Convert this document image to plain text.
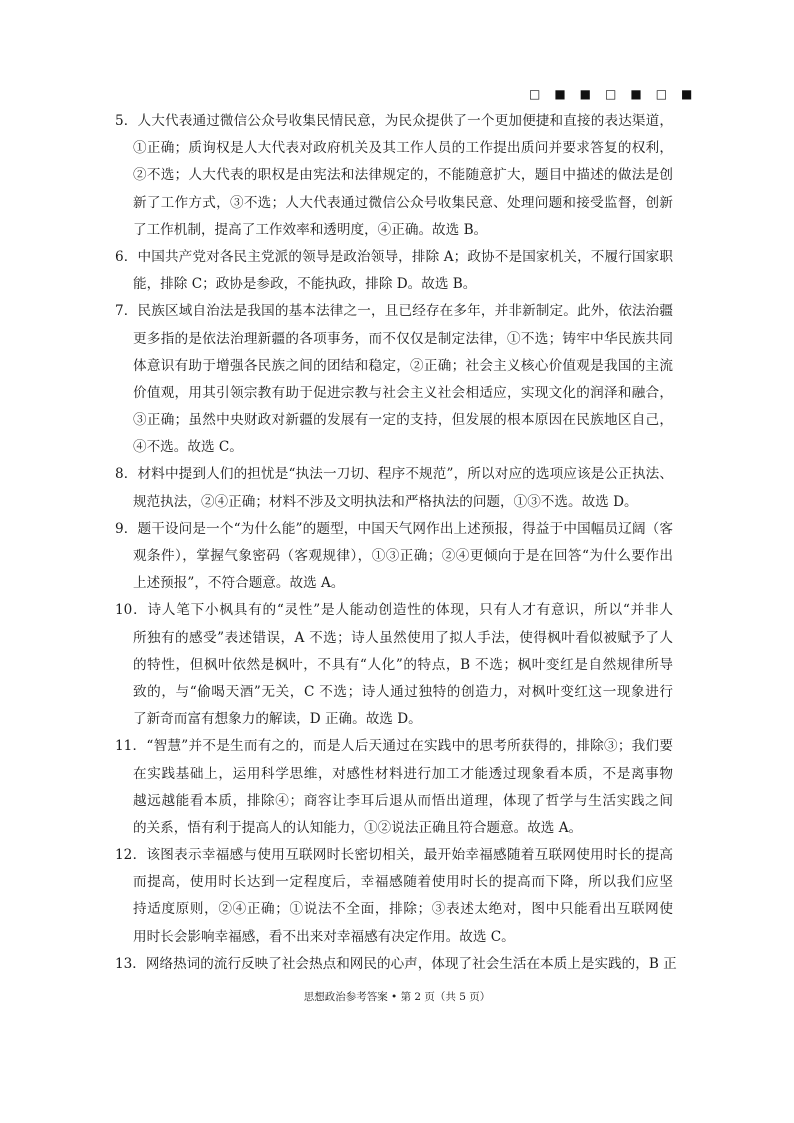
□■■□■□■
5．人大代表通过微信公众号收集民情民意，为民众提供了一个更加便捷和直接的表达渠道，
①正确；质询权是人大代表对政府机关及其工作人员的工作提出质问并要求答复的权利，
②不选；人大代表的职权是由宪法和法律规定的，不能随意扩大，题目中描述的做法是创
新了工作方式，③不选；人大代表通过微信公众号收集民意、处理问题和接受监督，创新
了工作机制，提高了工作效率和透明度，④正确。故选 B。
6．中国共产党对各民主党派的领导是政治领导，排除 A；政协不是国家机关，不履行国家职
能，排除 C；政协是参政，不能执政，排除 D。故选 B。
7．民族区域自治法是我国的基本法律之一，且已经存在多年，并非新制定。此外，依法治疆
更多指的是依法治理新疆的各项事务，而不仅仅是制定法律，①不选；铸牢中华民族共同
体意识有助于增强各民族之间的团结和稳定，②正确；社会主义核心价值观是我国的主流
价值观，用其引领宗教有助于促进宗教与社会主义社会相适应，实现文化的润泽和融合，
③正确；虽然中央财政对新疆的发展有一定的支持，但发展的根本原因在民族地区自己，
④不选。故选 C。
8．材料中提到人们的担忧是“执法一刀切、程序不规范”，所以对应的选项应该是公正执法、
规范执法，②④正确；材料不涉及文明执法和严格执法的问题，①③不选。故选 D。
9．题干设问是一个“为什么能”的题型，中国天气网作出上述预报，得益于中国幅员辽阔（客
观条件），掌握气象密码（客观规律），①③正确；②④更倾向于是在回答“为什么要作出
上述预报”，不符合题意。故选 A。
10．诗人笔下小枫具有的“灵性”是人能动创造性的体现，只有人才有意识，所以“并非人
所独有的感受”表述错误，A 不选；诗人虽然使用了拟人手法，使得枫叶看似被赋予了人
的特性，但枫叶依然是枫叶，不具有“人化”的特点，B 不选；枫叶变红是自然规律所导
致的，与“偷喝天酒”无关，C 不选；诗人通过独特的创造力，对枫叶变红这一现象进行
了新奇而富有想象力的解读，D 正确。故选 D。
11．“智慧”并不是生而有之的，而是人后天通过在实践中的思考所获得的，排除③；我们要
在实践基础上，运用科学思维，对感性材料进行加工才能透过现象看本质，不是离事物
越远越能看本质，排除④；商容让李耳后退从而悟出道理，体现了哲学与生活实践之间
的关系，悟有利于提高人的认知能力，①②说法正确且符合题意。故选 A。
12．该图表示幸福感与使用互联网时长密切相关，最开始幸福感随着互联网使用时长的提高
而提高，使用时长达到一定程度后，幸福感随着使用时长的提高而下降，所以我们应坚
持适度原则，②④正确；①说法不全面，排除；③表述太绝对，图中只能看出互联网使
用时长会影响幸福感，看不出来对幸福感有决定作用。故选 C。
13．网络热词的流行反映了社会热点和网民的心声，体现了社会生活在本质上是实践的，B 正
思想政治参考答案 • 第 2 页（共 5 页）
